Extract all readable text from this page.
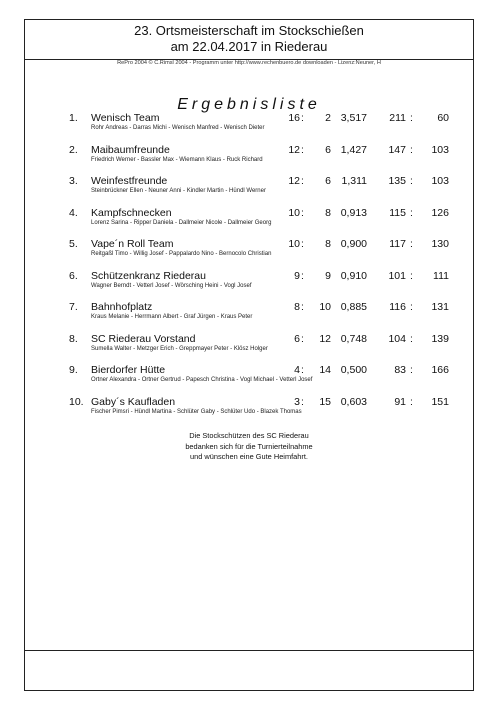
23. Ortsmeisterschaft im Stockschießen
am 22.04.2017 in Riederau
RePro 2004 © C.Rimsl 2004 - Programm unter http://www.rechenbuero.de downloaden - Lizenz:Neuner, H
Ergebnisliste
1. Wenisch Team
Rohr Andreas - Darras Michi - Wenisch Manfred - Wenisch Dieter
16 :	2 3,517	211 :	60
2. Maibaumfreunde
Friedrich Werner - Bassler Max - Wiemann Klaus - Ruck Richard
12 :	6 1,427	147 :	103
3. Weinfestfreunde
Steinbrückner Ellen - Neuner Anni - Kindler Martin - Hündl Werner
12 :	6	1,311	135 :	103
4. Kampfschnecken
Lorenz Sarina - Ripper Daniela - Dallmeier Nicole - Dallmeier Georg
10 :	8 0,913	115 :	126
5. Vape´n Roll Team
Reitgaßl Timo - Willig Josef - Pappalardo Nino - Bernocolo Christian
10 :	8 0,900	117 :	130
6. Schützenkranz Riederau
Wagner Berndt - Vetterl Josef - Wörsching Heini - Vogl Josef
9 :	9 0,910	101 :	111
7. Bahnhofplatz
Kraus Melanie - Herrmann Albert - Graf Jürgen - Kraus Peter
8 :	10 0,885	116 :	131
8. SC Riederau Vorstand
Sumella Walter - Metzger Erich - Greppmayer Peter - Klösz Holger
6 :	12 0,748	104 :	139
9. Bierdorfer Hütte
Ortner Alexandra - Ortner Gertrud - Papesch Christina - Vogl Michael - Vetterl Josef
4 :	14 0,500	83 :	166
10. Gaby´s Kaufladen
Fischer Pimsri - Hündl Martina - Schlüter Gaby - Schlüter Udo - Blazek Thomas
3 :	15 0,603	91 :	151
Die Stockschützen des SC Riederau
bedanken sich für die Turnierteilnahme
und wünschen eine Gute Heimfahrt.
